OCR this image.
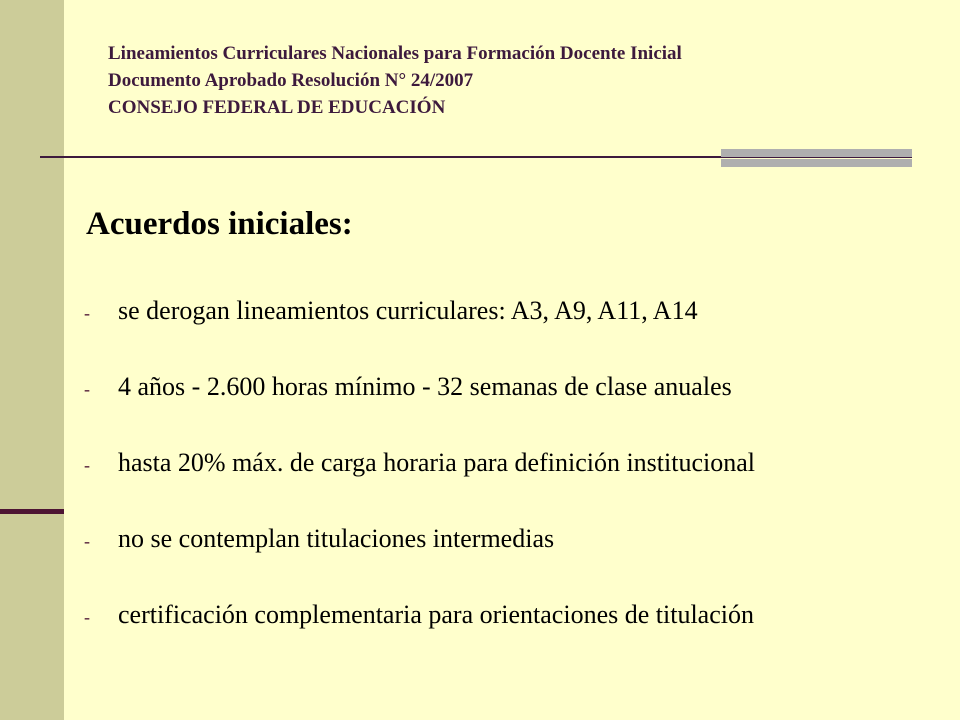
Lineamientos Curriculares Nacionales para Formación Docente Inicial
Documento Aprobado Resolución N° 24/2007
CONSEJO FEDERAL DE EDUCACIÓN
Acuerdos iniciales:
-	se derogan lineamientos curriculares: A3, A9, A11, A14
-	4 años - 2.600 horas mínimo - 32 semanas de clase anuales
-	hasta 20% máx. de carga horaria para definición institucional
-	no se contemplan titulaciones intermedias
-	certificación complementaria para orientaciones de titulación
